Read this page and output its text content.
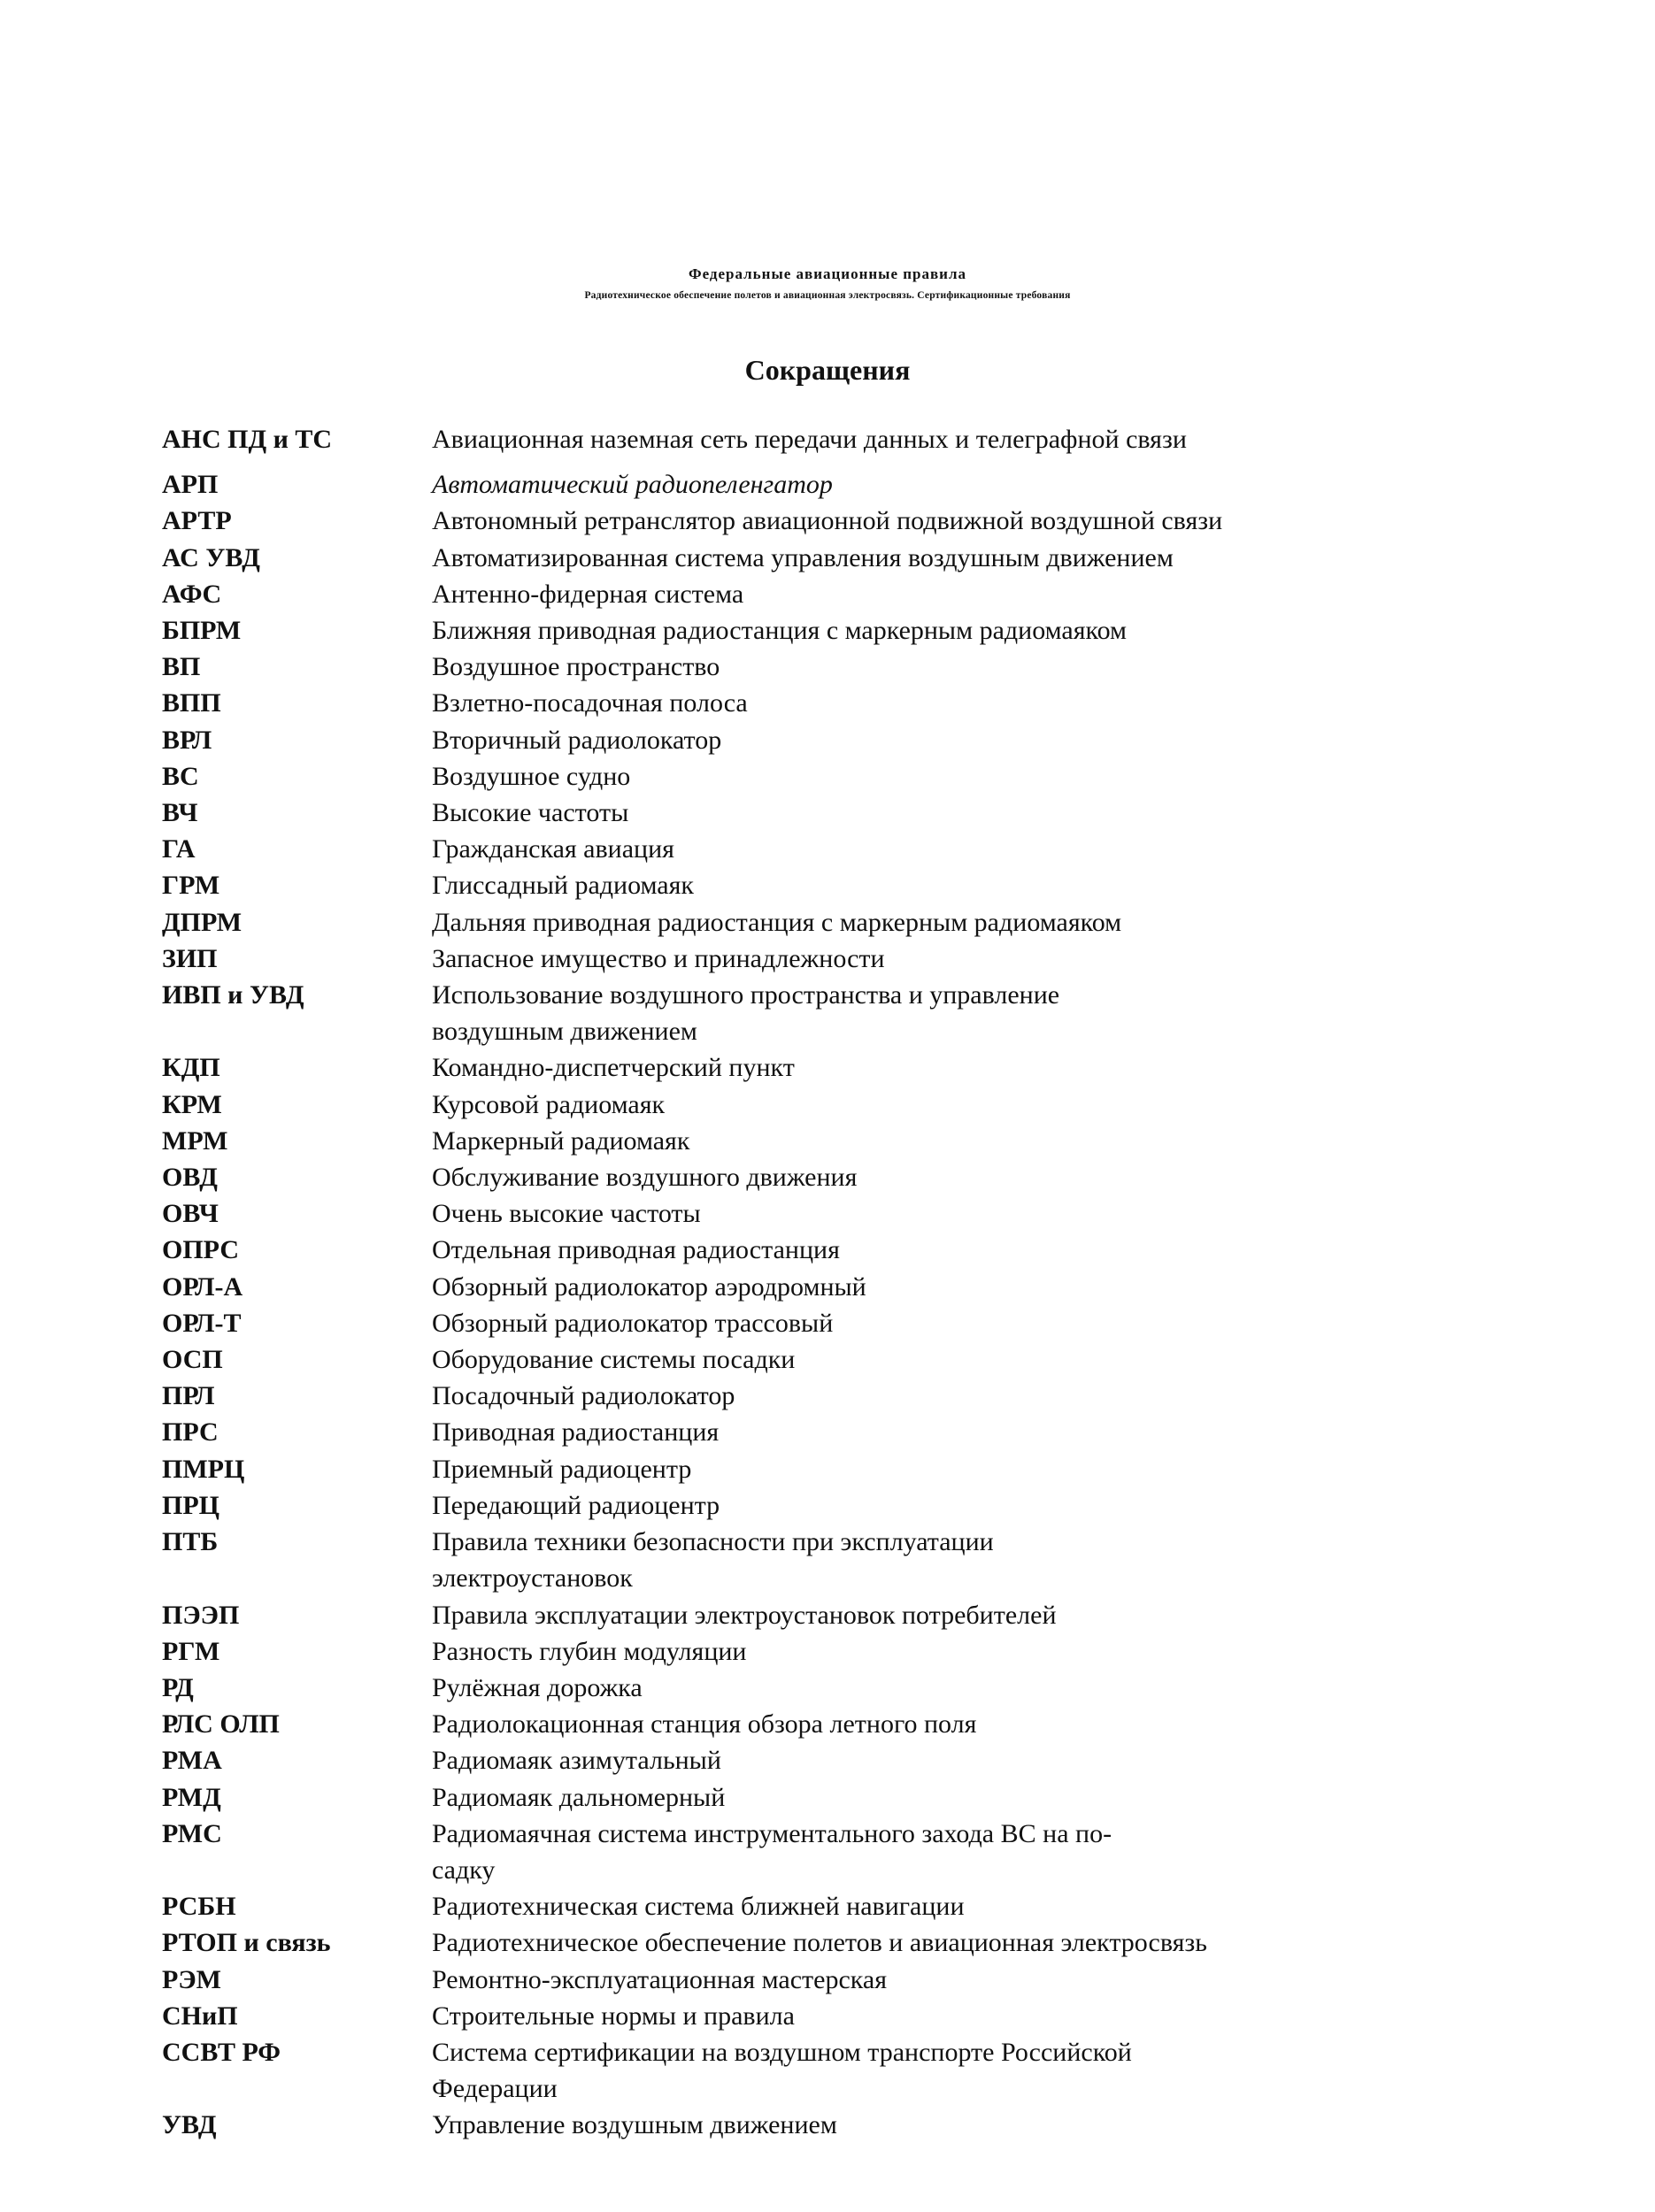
Федеральные авиационные правила
Радиотехническое обеспечение полетов и авиационная электросвязь. Сертификационные требования
Сокращения
АНС ПД и ТС	Авиационная наземная сеть передачи данных и телеграфной связи
АРП	Автоматический радиопеленгатор
АРТР	Автономный ретранслятор авиационной подвижной воздушной связи
АС УВД	Автоматизированная система управления воздушным движением
АФС	Антенно-фидерная система
БПРМ	Ближняя приводная радиостанция с маркерным радиомаяком
ВП	Воздушное пространство
ВПП	Взлетно-посадочная полоса
ВРЛ	Вторичный радиолокатор
ВС	Воздушное судно
ВЧ	Высокие частоты
ГА	Гражданская авиация
ГРМ	Глиссадный радиомаяк
ДПРМ	Дальняя приводная радиостанция с маркерным радиомаяком
ЗИП	Запасное имущество и принадлежности
ИВП и УВД	Использование воздушного пространства и управление
воздушным движением
КДП	Командно-диспетчерский пункт
КРМ	Курсовой радиомаяк
МРМ	Маркерный радиомаяк
ОВД	Обслуживание воздушного движения
ОВЧ	Очень высокие частоты
ОПРС	Отдельная приводная радиостанция
ОРЛ-А	Обзорный радиолокатор аэродромный
ОРЛ-Т	Обзорный радиолокатор трассовый
ОСП	Оборудование системы посадки
ПРЛ	Посадочный радиолокатор
ПРС	Приводная радиостанция
ПМРЦ	Приемный радиоцентр
ПРЦ	Передающий радиоцентр
ПТБ	Правила техники безопасности при эксплуатации
электроустановок
ПЭЭП	Правила эксплуатации электроустановок потребителей
РГМ	Разность глубин модуляции
РД	Рулёжная дорожка
РЛС ОЛП	Радиолокационная станция обзора летного поля
РМА	Радиомаяк азимутальный
РМД	Радиомаяк дальномерный
РМС	Радиомаячная система инструментального захода ВС на по-
садку
РСБН	Радиотехническая система ближней навигации
РТОП и связь	Радиотехническое обеспечение полетов и авиационная электросвязь
РЭМ	Ремонтно-эксплуатационная мастерская
СНиП	Строительные нормы и правила
ССВТ РФ	Система сертификации на воздушном транспорте Российской
Федерации
УВД	Управление воздушным движением
